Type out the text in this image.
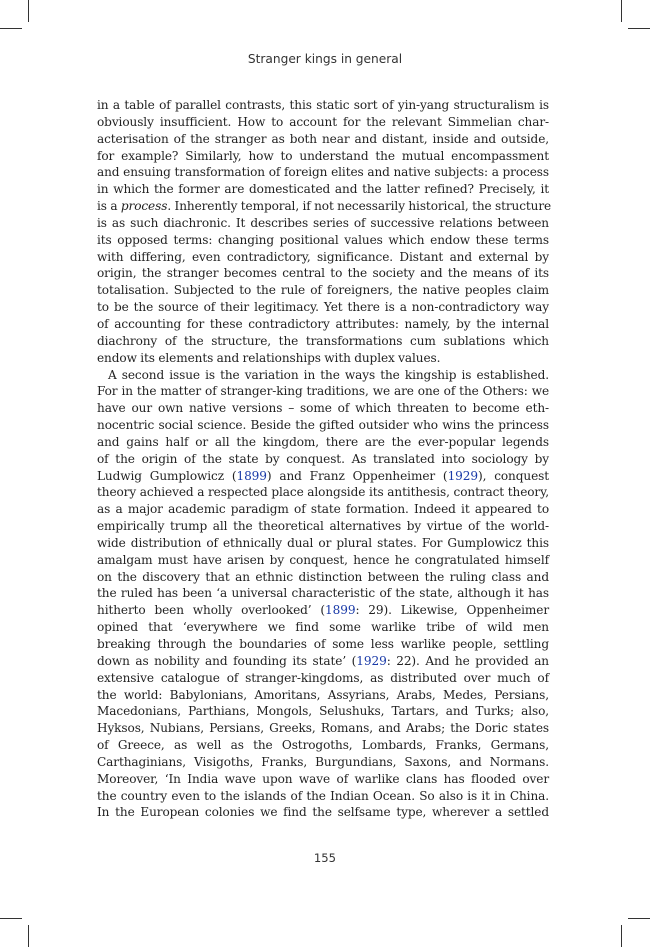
Stranger kings in general
in a table of parallel contrasts, this static sort of yin-yang structuralism is
obviously insufficient. How to account for the relevant Simmelian char-
acterisation of the stranger as both near and distant, inside and outside,
for example? Similarly, how to understand the mutual encompassment
and ensuing transformation of foreign elites and native subjects: a process
in which the former are domesticated and the latter refined? Precisely, it
is a process. Inherently temporal, if not necessarily historical, the structure
is as such diachronic. It describes series of successive relations between
its opposed terms: changing positional values which endow these terms
with differing, even contradictory, significance. Distant and external by
origin, the stranger becomes central to the society and the means of its
totalisation. Subjected to the rule of foreigners, the native peoples claim
to be the source of their legitimacy. Yet there is a non-contradictory way
of accounting for these contradictory attributes: namely, by the internal
diachrony of the structure, the transformations cum sublations which
endow its elements and relationships with duplex values.
A second issue is the variation in the ways the kingship is established.
For in the matter of stranger-king traditions, we are one of the Others: we
have our own native versions – some of which threaten to become eth-
nocentric social science. Beside the gifted outsider who wins the princess
and gains half or all the kingdom, there are the ever-popular legends
of the origin of the state by conquest. As translated into sociology by
Ludwig Gumplowicz (1899) and Franz Oppenheimer (1929), conquest
theory achieved a respected place alongside its antithesis, contract theory,
as a major academic paradigm of state formation. Indeed it appeared to
empirically trump all the theoretical alternatives by virtue of the world-
wide distribution of ethnically dual or plural states. For Gumplowicz this
amalgam must have arisen by conquest, hence he congratulated himself
on the discovery that an ethnic distinction between the ruling class and
the ruled has been ‘a universal characteristic of the state, although it has
hitherto been wholly overlooked’ (1899: 29). Likewise, Oppenheimer
opined that ‘everywhere we find some warlike tribe of wild men
breaking through the boundaries of some less warlike people, settling
down as nobility and founding its state’ (1929: 22). And he provided an
extensive catalogue of stranger-kingdoms, as distributed over much of
the world: Babylonians, Amoritans, Assyrians, Arabs, Medes, Persians,
Macedonians, Parthians, Mongols, Selushuks, Tartars, and Turks; also,
Hyksos, Nubians, Persians, Greeks, Romans, and Arabs; the Doric states
of Greece, as well as the Ostrogoths, Lombards, Franks, Germans,
Carthaginians, Visigoths, Franks, Burgundians, Saxons, and Normans.
Moreover, ‘In India wave upon wave of warlike clans has flooded over
the country even to the islands of the Indian Ocean. So also is it in China.
In the European colonies we find the selfsame type, wherever a settled
155
